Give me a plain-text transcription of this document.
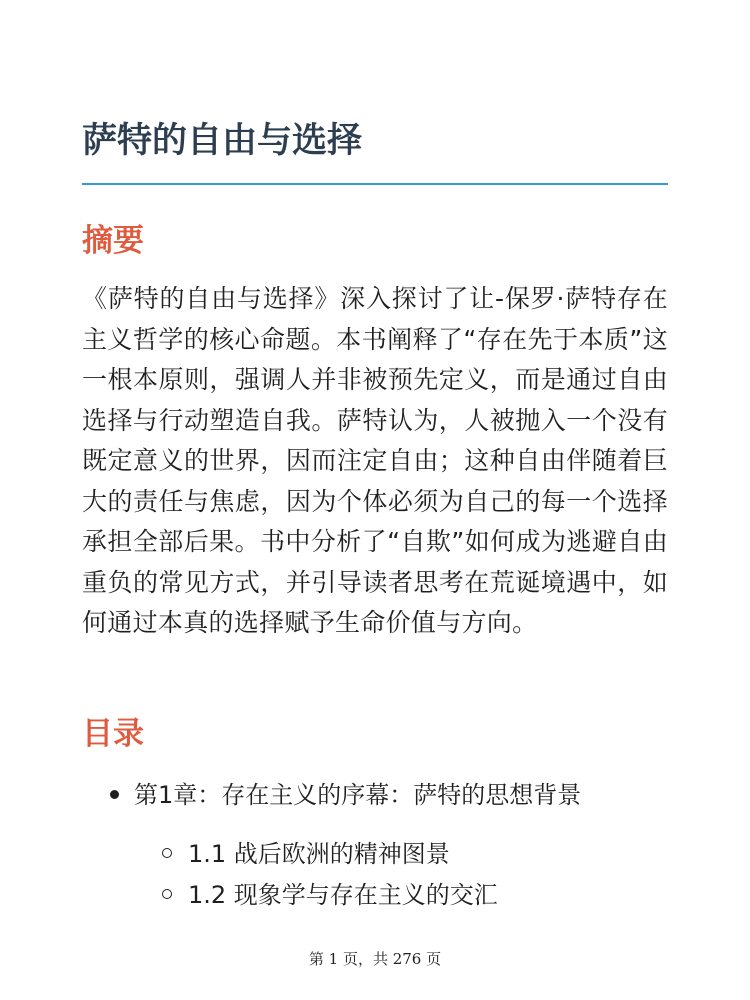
萨特的自由与选择
摘要

《萨特的自由与选择》深入探讨了让-保罗·萨特存在主义哲学的核心命题。本书阐释了“存在先于本质”这一根本原则，强调人并非被预先定义，而是通过自由选择与行动塑造自我。萨特认为，人被抛入一个没有既定意义的世界，因而注定自由；这种自由伴随着巨大的责任与焦虑，因为个体必须为自己的每一个选择承担全部后果。书中分析了“自欺”如何成为逃避自由重负的常见方式，并引导读者思考在荒诞境遇中，如何通过本真的选择赋予生命价值与方向。

目录
第1章：存在主义的序幕：萨特的思想背景
1.1 战后欧洲的精神图景
1.2 现象学与存在主义的交汇
第 1 页，共 276 页
